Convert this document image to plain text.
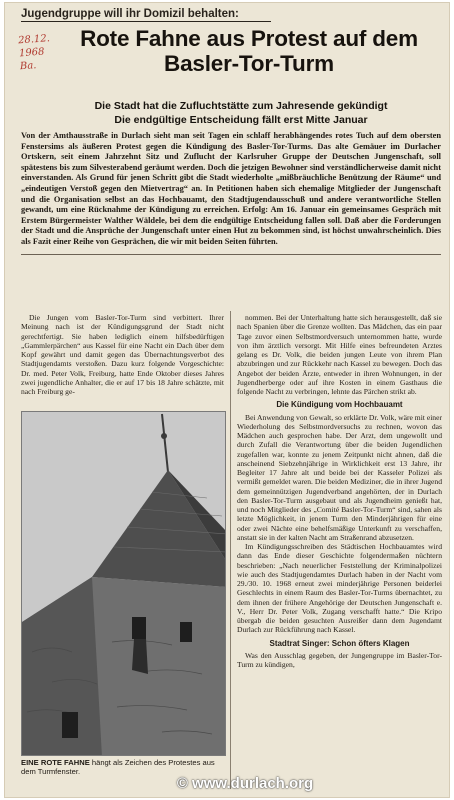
Jugendgruppe will ihr Domizil behalten:
28.12.
1968
Ba.
Rote Fahne aus Protest auf dem Basler-Tor-Turm
Die Stadt hat die Zufluchtstätte zum Jahresende gekündigt
Die endgültige Entscheidung fällt erst Mitte Januar
Von der Amthausstraße in Durlach sieht man seit Tagen ein schlaff herabhängendes rotes Tuch auf dem obersten Fenstersims als äußeren Protest gegen die Kündigung des Basler-Tor-Turms. Das alte Gemäuer im Durlacher Ortskern, seit einem Jahrzehnt Sitz und Zuflucht der Karlsruher Gruppe der Deutschen Jungenschaft, soll spätestens bis zum Silvesterabend geräumt werden. Doch die jetzigen Bewohner sind verständlicherweise damit nicht einverstanden. Als Grund für jenen Schritt gibt die Stadt wiederholte „mißbräuchliche Benützung der Räume“ und „eindeutigen Verstoß gegen den Mietvertrag“ an. In Petitionen haben sich ehemalige Mitglieder der Jungenschaft und die Organisation selbst an das Hochbauamt, den Stadtjugendausschuß und andere verantwortliche Stellen gewandt, um eine Rücknahme der Kündigung zu erreichen. Erfolg: Am 16. Januar ein gemeinsames Gespräch mit Erstem Bürgermeister Walther Wäldele, bei dem die endgültige Entscheidung fallen soll. Daß aber die Forderungen der Stadt und die Ansprüche der Jungenschaft unter einen Hut zu bekommen sind, ist höchst unwahrscheinlich. Dies als Fazit einer Reihe von Gesprächen, die wir mit beiden Seiten führten.

Die Jungen vom Basler-Tor-Turm sind verbittert. Ihrer Meinung nach ist der Kündigungsgrund der Stadt nicht gerechtfertigt. Sie haben lediglich einem hilfsbedürftigen „Gammlerpärchen“ aus Kassel für eine Nacht ein Dach über dem Kopf gewährt und damit gegen das Übernachtungsverbot des Stadtjugendamts verstoßen. Dazu kurz folgende Vorgeschichte: Dr. med. Peter Volk, Freiburg, hatte Ende Oktober dieses Jahres zwei jugendliche Anhalter, die er auf 17 bis 18 Jahre schätzte, mit nach Freiburg ge-

EINE ROTE FAHNE hängt als Zeichen des Protestes aus dem Turmfenster.

nommen. Bei der Unterhaltung hatte sich herausgestellt, daß sie nach Spanien über die Grenze wollten. Das Mädchen, das ein paar Tage zuvor einen Selbstmordversuch unternommen hatte, wurde von ihm ärztlich versorgt. Mit Hilfe eines befreundeten Arztes gelang es Dr. Volk, die beiden jungen Leute von ihrem Plan abzubringen und zur Rückkehr nach Kassel zu bewegen. Doch das Angebot der beiden Ärzte, entweder in ihren Wohnungen, in der Jugendherberge oder auf ihre Kosten in einem Gasthaus die folgende Nacht zu verbringen, lehnte das Pärchen strikt ab.

Die Kündigung vom Hochbauamt

Bei Anwendung von Gewalt, so erklärte Dr. Volk, wäre mit einer Wiederholung des Selbstmordversuchs zu rechnen, wovon das Mädchen auch gesprochen habe. Der Arzt, dem ungewollt und durch Zufall die Verantwortung über die beiden Jugendlichen zugefallen war, konnte zu jenem Zeitpunkt nicht ahnen, daß die anscheinend Siebzehnjährige in Wirklichkeit erst 13 Jahre, ihr Begleiter 17 Jahre alt und beide bei der Kasseler Polizei als vermißt gemeldet waren. Die beiden Mediziner, die in ihrer Jugend dem gemeinnützigen Jugendverband angehörten, der in Durlach den Basler-Tor-Turm ausgebaut und als Jugendheim genießt hat, und noch Mitglieder des „Comité Basler-Tor-Turm“ sind, sahen als letzte Möglichkeit, in jenem Turm den Minderjährigen für eine oder zwei Nächte eine behelfsmäßige Unterkunft zu verschaffen, anstatt sie in der kalten Nacht am Straßenrand abzusetzen.

Im Kündigungsschreiben des Städtischen Hochbauamtes wird dann das Ende dieser Geschichte folgendermaßen nüchtern beschrieben: „Nach neuerlicher Feststellung der Kriminalpolizei wie auch des Stadtjugendamtes Durlach haben in der Nacht vom 29./30. 10. 1968 erneut zwei minderjährige Personen beiderlei Geschlechts in einem Raum des Basler-Tor-Turms übernachtet, zu dem ihnen der frühere Angehörige der Deutschen Jungenschaft e. V., Herr Dr. Peter Volk, Zugang verschafft hatte.“ Die Kripo übergab die beiden gesuchten Ausreißer dann dem Jugendamt Durlach zur Rückführung nach Kassel.

Stadtrat Singer: Schon öfters Klagen

Was den Ausschlag gegeben, der Jungengruppe im Basler-Tor-Turm zu kündigen,

© www.durlach.org
